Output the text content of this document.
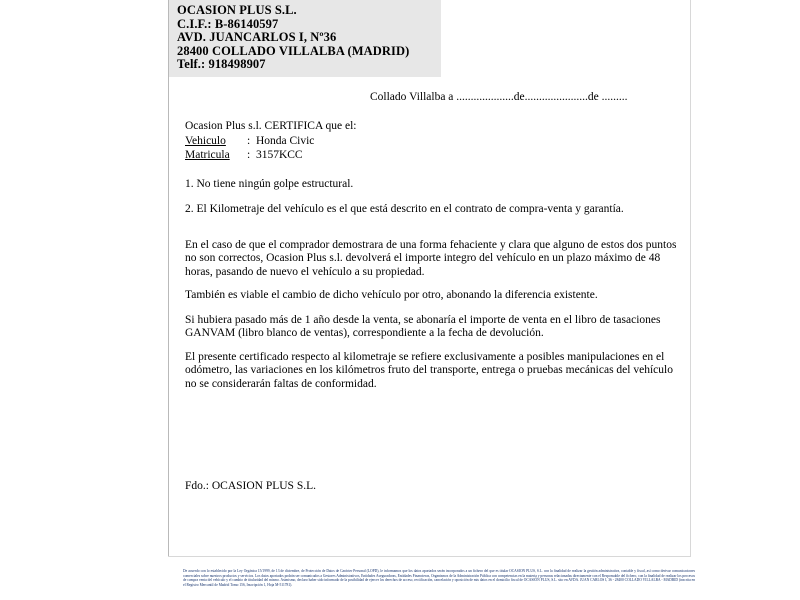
OCASION PLUS S.L.
C.I.F.: B-86140597
AVD. JUANCARLOS I, Nº36
28400 COLLADO VILLALBA (MADRID)
Telf.: 918498907
Collado Villalba a ....................de......................de .........
Ocasion Plus s.l. CERTIFICA que el:
Vehiculo : Honda Civic
Matricula : 3157KCC
1. No tiene ningún golpe estructural.
2. El Kilometraje del vehículo es el que está descrito en el contrato de compra-venta y garantía.
En el caso de que el comprador demostrara de una forma fehaciente y clara que alguno de estos dos puntos no son correctos, Ocasion Plus s.l. devolverá el importe integro del vehículo en un plazo máximo de 48 horas, pasando de nuevo el vehículo a su propiedad.
También es viable el cambio de dicho vehículo por otro, abonando la diferencia existente.
Si hubiera pasado más de 1 año desde la venta, se abonaría el importe de venta en el libro de tasaciones GANVAM (libro blanco de ventas), correspondiente a la fecha de devolución.
El presente certificado respecto al kilometraje se refiere exclusivamente a posibles manipulaciones en el odómetro, las variaciones en los kilómetros fruto del transporte, entrega o pruebas mecánicas del vehículo no se considerarán faltas de conformidad.
Fdo.: OCASION PLUS S.L.
De acuerdo con lo establecido por la Ley Orgánica 15/1999, de 13 de diciembre, de Protección de Datos de Carácter Personal (LOPD), le informamos que los datos aportados serán incorporados a un fichero del que es titular OCASION PLUS, S.L. con la finalidad de realizar la gestión administrativa, contable y fiscal, así como derivar comunicaciones comerciales sobre nuestros productos y servicios. Los datos aportados podrán ser comunicados a Gestores Administrativos, Entidades Aseguradoras, Entidades Financieras, Organismos de la Administración Pública con competencias en la materia y personas relacionadas directamente con el Responsable del fichero, con la finalidad de realizar los procesos de compra venta del vehículo y el cambio de titularidad del mismo. Asimismo, declaro haber sido informado de la posibilidad de ejercer los derechos de acceso, rectificación, cancelación y oposición de mis datos en el domicilio fiscal de OCASIÓN PLUS, S.L. sito en AVDA. JUAN CARLOS I, 36 - 28400 COLLADO VILLALBA - MADRID (inscrita en el Registro Mercantil de Madrid Tomo 156, Inscripción 1, Hoja M-511781).
